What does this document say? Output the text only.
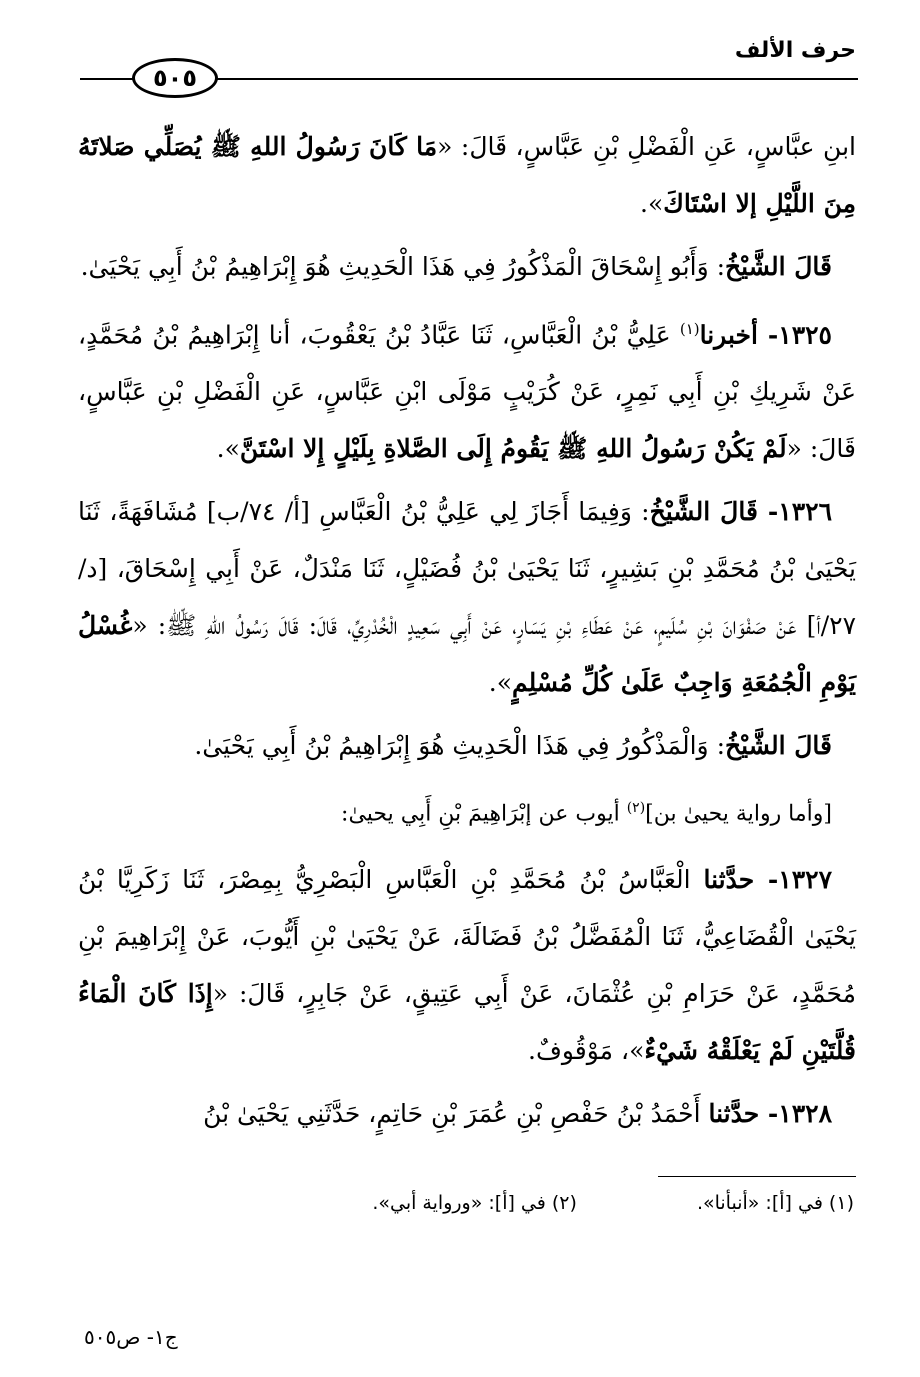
حرف الألف
٥٠٥

ابنِ عبَّاسٍ، عَنِ الْفَضْلِ بْنِ عَبَّاسٍ، قَالَ: «مَا كَانَ رَسُولُ اللهِ ﷺ يُصَلِّي صَلاتَهُ مِنَ اللَّيْلِ إلا اسْتَاكَ».

قَالَ الشَّيْخُ: وَأَبُو إِسْحَاقَ الْمَذْكُورُ فِي هَذَا الْحَدِيثِ هُوَ إِبْرَاهِيمُ بْنُ أَبِي يَحْيَىٰ.

١٣٢٥- أخبرنا$^{(١)}$ عَلِيُّ بْنُ الْعَبَّاسِ، ثَنَا عَبَّادُ بْنُ يَعْقُوبَ، أنا إِبْرَاهِيمُ بْنُ مُحَمَّدٍ، عَنْ شَرِيكِ بْنِ أَبِي نَمِرٍ، عَنْ كُرَيْبٍ مَوْلَى ابْنِ عَبَّاسٍ، عَنِ الْفَضْلِ بْنِ عَبَّاسٍ، قَالَ: «لَمْ يَكُنْ رَسُولُ اللهِ ﷺ يَقُومُ إِلَى الصَّلاةِ بِلَيْلٍ إِلا اسْتَنَّ».

١٣٢٦- قَالَ الشَّيْخُ: وَفِيمَا أَجَازَ لِي عَلِيُّ بْنُ الْعَبَّاسِ [أ/ ٧٤/ب] مُشَافَهَةً، ثَنَا يَحْيَىٰ بْنُ مُحَمَّدِ بْنِ بَشِيرٍ، ثَنَا يَحْيَىٰ بْنُ فُضَيْلٍ، ثَنَا مَنْدَلٌ، عَنْ أَبِي إِسْحَاقَ، [د/٢٧/أ] عَنْ صَفْوَانَ بْنِ سُلَيمٍ، عَنْ عَطَاءِ بْنِ يَسَارٍ، عَنْ أَبِي سَعِيدٍ الْخُدْرِيِّ، قَالَ: قَالَ رَسُولُ اللهِ ﷺ: «غُسْلُ يَوْمِ الْجُمُعَةِ وَاجِبٌ عَلَىٰ كُلِّ مُسْلِمٍ».

قَالَ الشَّيْخُ: وَالْمَذْكُورُ فِي هَذَا الْحَدِيثِ هُوَ إِبْرَاهِيمُ بْنُ أَبِي يَحْيَىٰ.

[وأما رواية يحيىٰ بن]$^{(٢)}$ أيوب عن إبْرَاهِيمَ بْنِ أَبِي يحيىٰ:

١٣٢٧- حدَّثنا الْعَبَّاسُ بْنُ مُحَمَّدِ بْنِ الْعَبَّاسِ الْبَصْرِيُّ بِمِصْرَ، ثَنَا زَكَرِيَّا بْنُ يَحْيَىٰ الْقُضَاعِيُّ، ثَنَا الْمُفَضَّلُ بْنُ فَضَالَةَ، عَنْ يَحْيَىٰ بْنِ أَيُّوبَ، عَنْ إِبْرَاهِيمَ بْنِ مُحَمَّدٍ، عَنْ حَرَامِ بْنِ عُثْمَانَ، عَنْ أَبِي عَتِيقٍ، عَنْ جَابِرٍ، قَالَ: «إِذَا كَانَ الْمَاءُ قُلَّتَيْنِ لَمْ يَعْلَقْهُ شَيْءٌ»، مَوْقُوفٌ.

١٣٢٨- حدَّثنا أَحْمَدُ بْنُ حَفْصِ بْنِ عُمَرَ بْنِ حَاتِمٍ، حَدَّثَنِي يَحْيَىٰ بْنُ

(١) في [أ]: «أنبأنا».
(٢) في [أ]: «ورواية أبي».
ج١- ص٥٠٥
